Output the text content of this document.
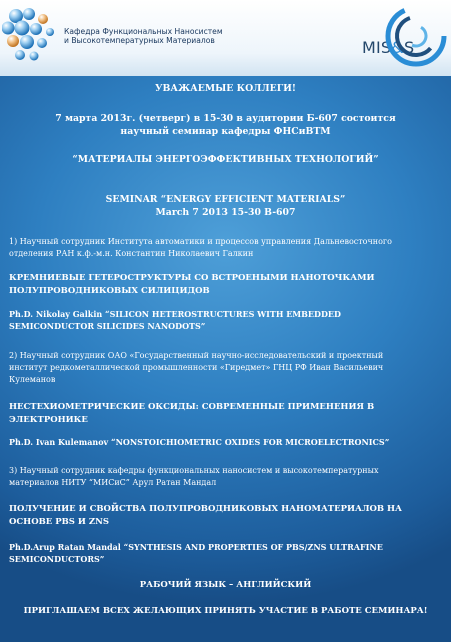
Кафедра Функциональных Наносистем
и Высокотемпературных Материалов	MIS&S
УВАЖАЕМЫЕ КОЛЛЕГИ!
7 марта 2013г. (четверг) в 15-30 в аудитории Б-607 состоится
научный семинар кафедры ФНСиВТМ
“МАТЕРИАЛЫ ЭНЕРГОЭФФЕКТИВНЫХ ТЕХНОЛОГИЙ”
SEMINAR “ENERGY EFFICIENT MATERIALS”
March 7 2013 15-30 B-607
1) Научный сотрудник Института автоматики и процессов управления Дальневосточного
отделения РАН к.ф.-м.н. Константин Николаевич Галкин
КРЕМНИЕВЫЕ ГЕТЕРОСТРУКТУРЫ СО ВСТРОЕНЫМИ НАНОТОЧКАМИ
ПОЛУПРОВОДНИКОВЫХ СИЛИЦИДОВ
Ph.D. Nikolay Galkin “SILICON HETEROSTRUCTURES WITH EMBEDDED
SEMICONDUCTOR SILICIDES NANODOTS”
2) Научный сотрудник ОАО «Государственный научно-исследовательский и проектный
институт редкометаллической промышленности «Гиредмет» ГНЦ РФ Иван Васильевич
Кулеманов
НЕСТЕХИОМЕТРИЧЕСКИЕ ОКСИДЫ: СОВРЕМЕННЫЕ ПРИМЕНЕНИЯ В
ЭЛЕКТРОНИКЕ
Ph.D. Ivan Kulemanov “NONSTOICHIOMETRIC OXIDES FOR MICROELECTRONICS”
3) Научный сотрудник кафедры функциональных наносистем и высокотемпературных
материалов НИТУ “МИСиС” Арул Ратан Мандал
ПОЛУЧЕНИЕ И СВОЙСТВА ПОЛУПРОВОДНИКОВЫХ НАНОМАТЕРИАЛОВ НА
ОСНОВЕ PBS И ZNS
Ph.D.Arup Ratan Mandal “SYNTHESIS AND PROPERTIES OF PBS/ZNS ULTRAFINE
SEMICONDUCTORS”
РАБОЧИЙ ЯЗЫК – АНГЛИЙСКИЙ
ПРИГЛАШАЕМ ВСЕХ ЖЕЛАЮЩИХ ПРИНЯТЬ УЧАСТИЕ В РАБОТЕ СЕМИНАРА!
